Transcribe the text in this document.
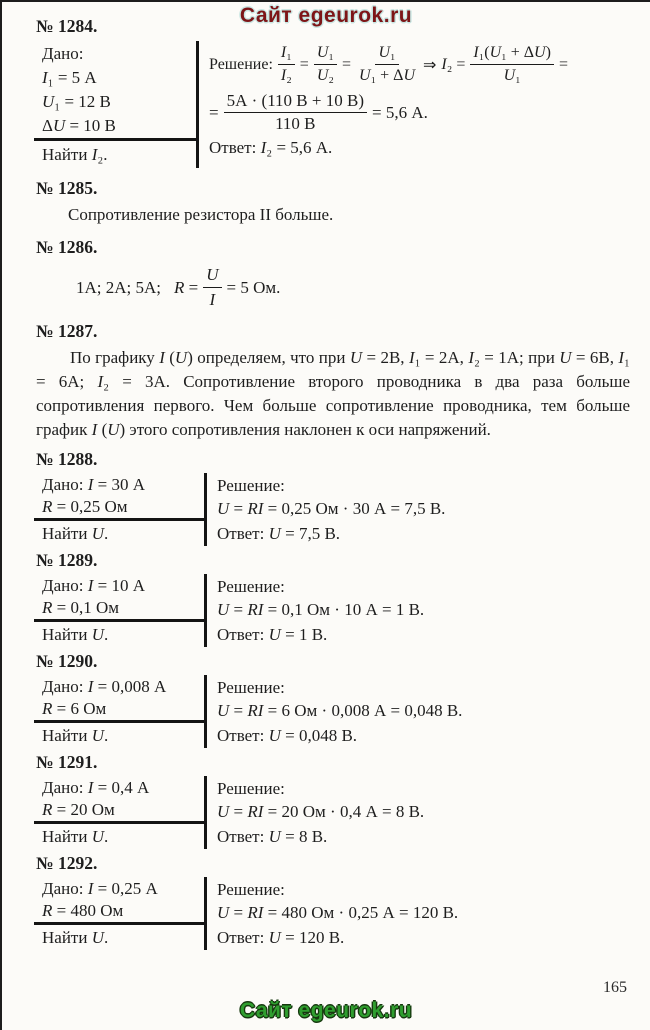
Сайт egeurok.ru
№ 1284.
Дано:
I₁ = 5 А
U₁ = 12 В
ΔU = 10 В
Найти I₂.
Решение: $\frac{\text{I₁}}{\text{I₂}} = \frac{\text{U₁}}{\text{U₂}} = \frac{\text{U₁}}{\text{U₁ + ΔU}}$ ⇒ $I_2 = \frac{\text{I₁(U₁ + ΔU)}}{\text{U₁}}$ =
= $\frac{5А \cdot (110 В + 10 В)}{110 В} = 5,6$ А.
Ответ: I₂ = 5,6 А.
№ 1285.
Сопротивление резистора II больше.
№ 1286.
1А; 2А; 5А; $R = \frac{U}{I} = 5$ Ом.
№ 1287.
По графику I (U) определяем, что при U = 2В, I₁ = 2А, I₂ = 1А; при U = 6В, I₁ = 6А; I₂ = 3А. Сопротивление второго проводника в два раза больше сопротивления первого. Чем больше сопротивление проводника, тем больше график I (U) этого сопротивления наклонен к оси напряжений.
№ 1288.
Дано: I = 30 А
R = 0,25 Ом
Найти U.
Решение:
U = RI = 0,25 Ом · 30 А = 7,5 В.
Ответ: U = 7,5 В.
№ 1289.
Дано: I = 10 А
R = 0,1 Ом
Найти U.
Решение:
U = RI = 0,1 Ом · 10 А = 1 В.
Ответ: U = 1 В.
№ 1290.
Дано: I = 0,008 А
R = 6 Ом
Найти U.
Решение:
U = RI = 6 Ом · 0,008 А = 0,048 В.
Ответ: U = 0,048 В.
№ 1291.
Дано: I = 0,4 А
R = 20 Ом
Найти U.
Решение:
U = RI = 20 Ом · 0,4 А = 8 В.
Ответ: U = 8 В.
№ 1292.
Дано: I = 0,25 А
R = 480 Ом
Найти U.
Решение:
U = RI = 480 Ом · 0,25 А = 120 В.
Ответ: U = 120 В.
165
Сайт egeurok.ru
